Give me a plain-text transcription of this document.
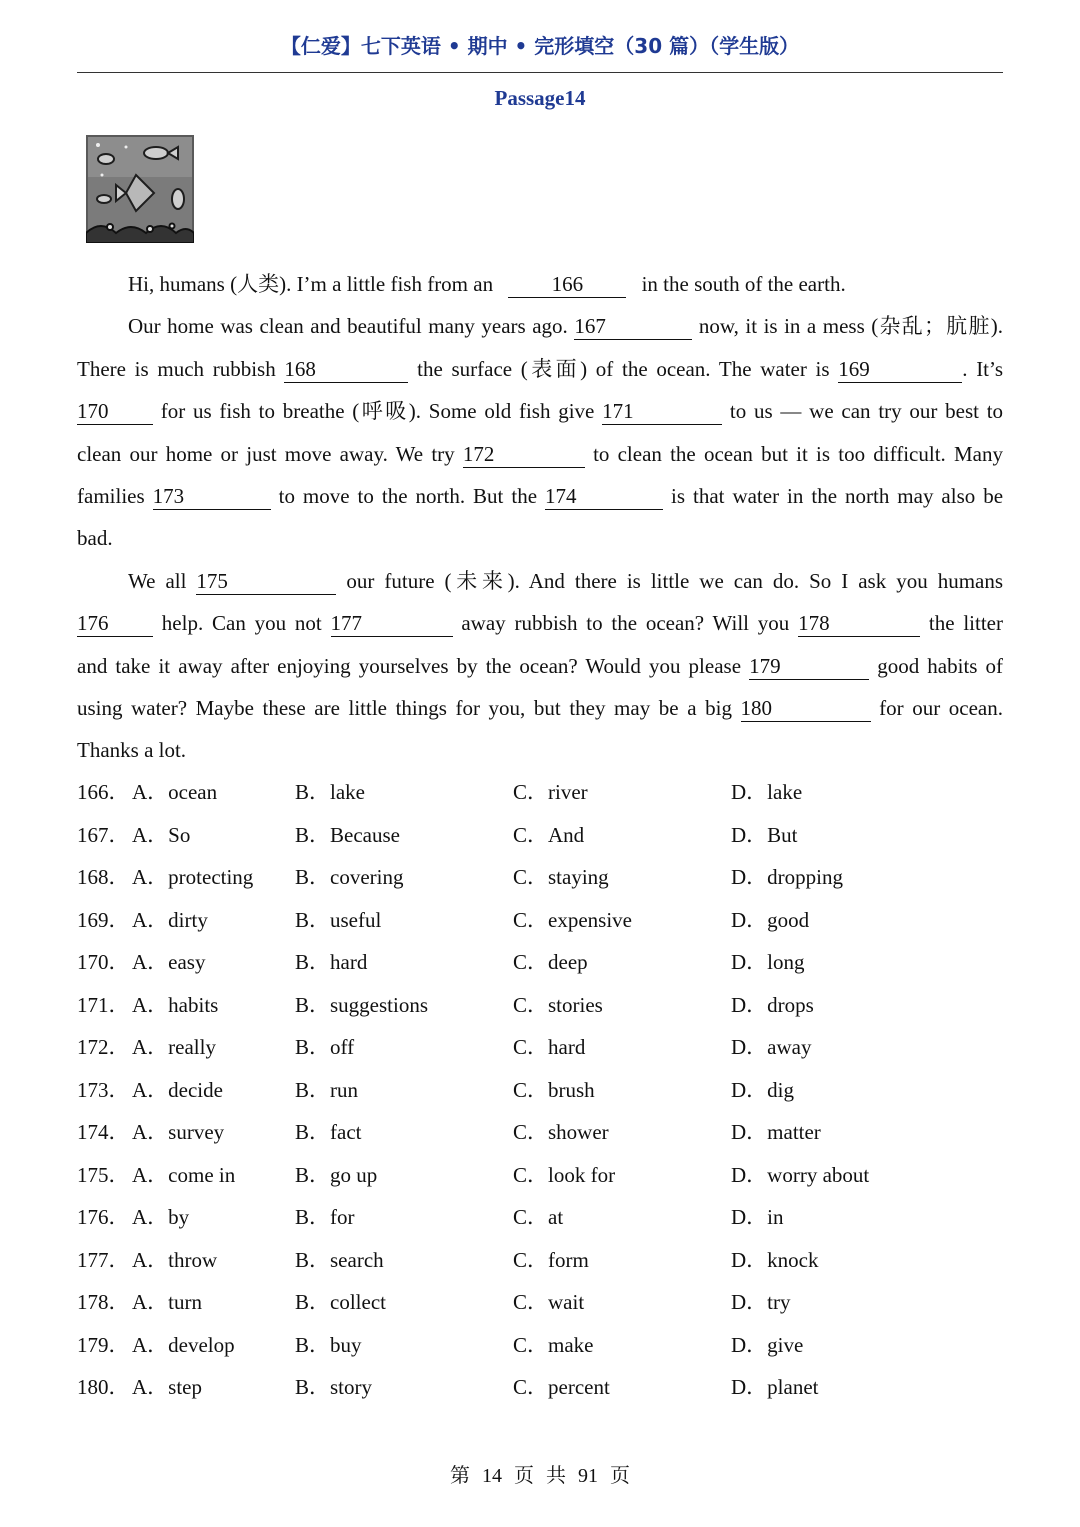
【仁爱】七下英语 • 期中 • 完形填空（30 篇）（学生版）
Passage14
Hi, humans (人类). I’m a little fish from an	166	in the south of the earth.
Our home was clean and beautiful many years ago. 167	now, it is in a mess (杂乱；肮脏).
There is much rubbish 168	the surface (表面) of the ocean. The water is 169	. It’s
170 for us fish to breathe (呼吸). Some old fish give 171	to us — we can try our best to
clean our home or just move away. We try 172	to clean the ocean but it is too difficult. Many
families 173	to move to the north. But the 174	is that water in the north may also be
bad.
We all 175	our future (未来). And there is little we can do. So I ask you humans
176	help. Can you not 177	away rubbish to the ocean? Will you 178	the litter
and take it away after enjoying yourselves by the ocean? Would you please 179	good habits of
using water? Maybe these are little things for you, but they may be a big 180	for our ocean.
Thanks a lot.
166． A．ocean	B．lake	C．river	D．lake
167． A．So	B．Because	C．And	D．But
168． A．protecting B．covering	C．staying	D．dropping
169． A．dirty	B．useful	C．expensive	D．good
170． A．easy	B．hard	C．deep	D．long
171． A．habits	B．suggestions	C．stories	D．drops
172． A．really	B．off	C．hard	D．away
173． A．decide	B．run	C．brush	D．dig
174． A．survey	B．fact	C．shower	D．matter
175． A．come in	B．go up	C．look for	D．worry about
176． A．by	B．for	C．at	D．in
177． A．throw	B．search	C．form	D．knock
178． A．turn	B．collect	C．wait	D．try
179． A．develop	B．buy	C．make	D．give
180． A．step	B．story	C．percent	D．planet
第 14 页 共 91 页
